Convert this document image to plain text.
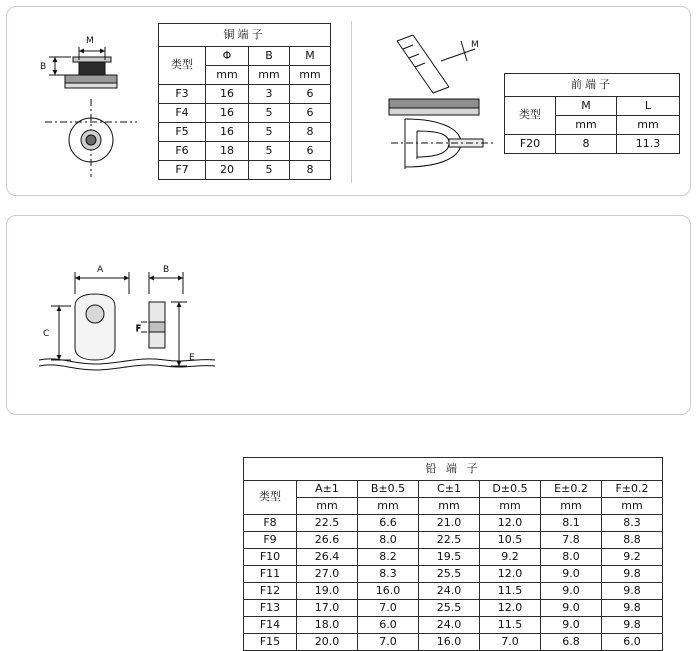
M
B
铜端子			
类型	Φ	B	M
	mm	mm	mm
F3	16	3	6
F4	16	5	6
F5	16	5	8
F6	18	5	6
F7	20	5	8
M
前端子		
类型	M	L
	mm	mm
F20	8	11.3
F
A	B
C
E
铅 端 子						
类型	A±1	B±0.5	C±1	D±0.5	E±0.2	F±0.2
	mm	mm	mm	mm	mm	mm
F8	22.5	6.6	21.0	12.0	8.1	8.3
F9	26.6	8.0	22.5	10.5	7.8	8.8
F10	26.4	8.2	19.5	9.2	8.0	9.2
F11	27.0	8.3	25.5	12.0	9.0	9.8
F12	19.0	16.0	24.0	11.5	9.0	9.8
F13	17.0	7.0	25.5	12.0	9.0	9.8
F14	18.0	6.0	24.0	11.5	9.0	9.8
F15	20.0	7.0	16.0	7.0	6.8	6.0
